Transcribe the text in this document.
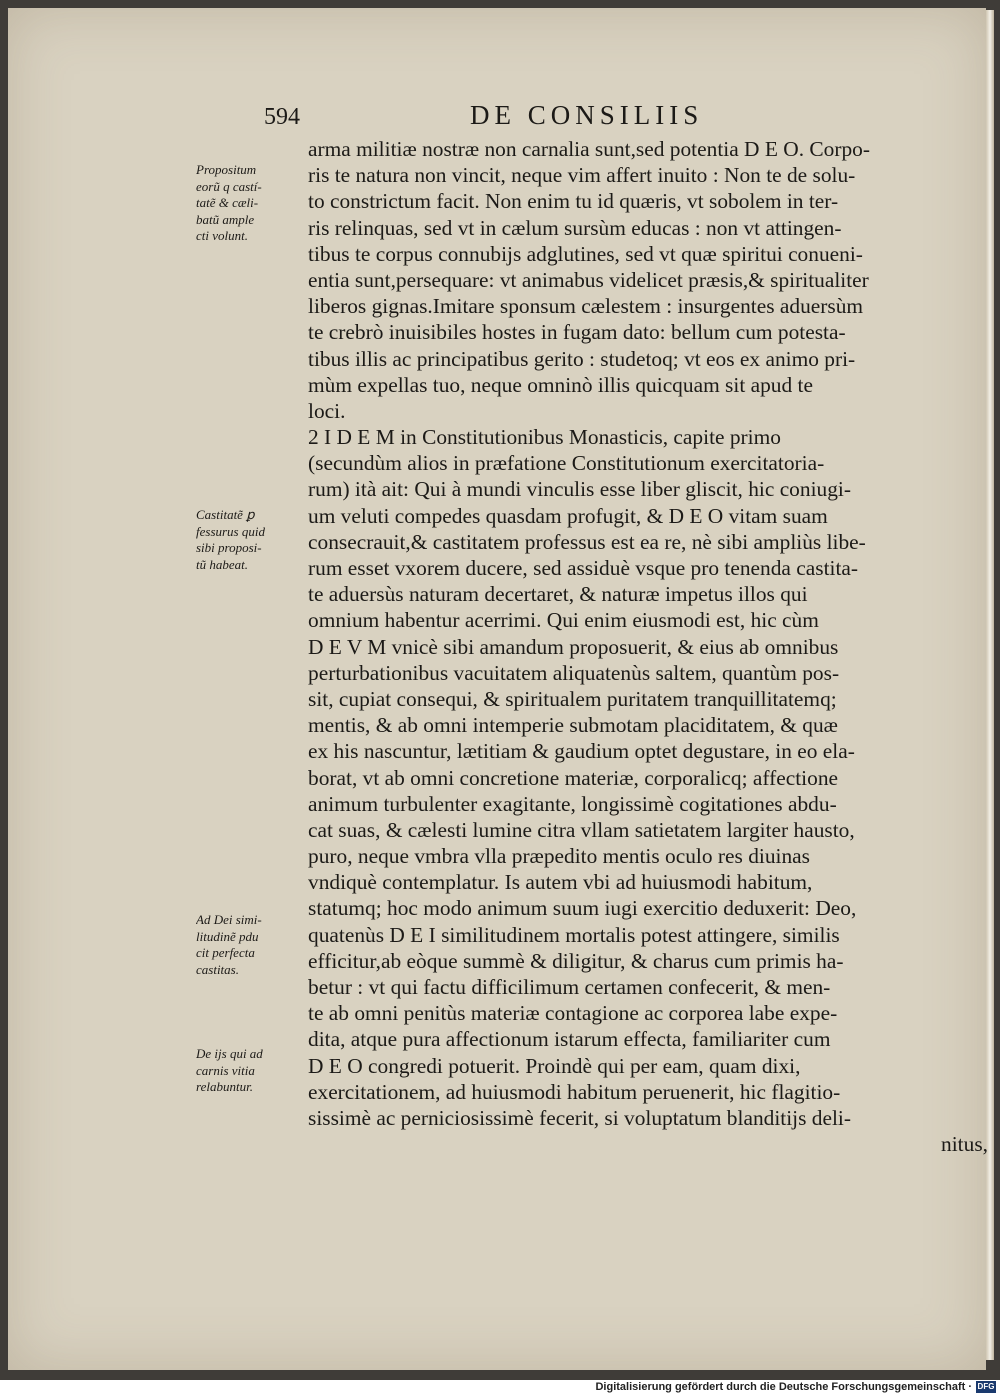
594	DE CONSILIIS
arma militiæ nostræ non carnalia sunt,sed potentia D E O. Corpo-
ris te natura non vincit, neque vim affert inuito : Non te de solu-
to constrictum facit. Non enim tu id quæris, vt sobolem in ter-
ris relinquas, sed vt in cælum sursùm educas : non vt attingen-
tibus te corpus connubijs adglutines, sed vt quæ spiritui conueni-
entia sunt,persequare: vt animabus videlicet præsis,& spiritualiter
liberos gignas.Imitare sponsum cælestem : insurgentes aduersùm
te crebrò inuisibiles hostes in fugam dato: bellum cum potesta-
tibus illis ac principatibus gerito : studetoq; vt eos ex animo pri-
mùm expellas tuo, neque omninò illis quicquam sit apud te
loci.
2 I D E M in Constitutionibus Monasticis, capite primo
(secundùm alios in præfatione Constitutionum exercitatoria-
rum) ità ait: Qui à mundi vinculis esse liber gliscit, hic coniugi-
um veluti compedes quasdam profugit, & D E O vitam suam
consecrauit,& castitatem professus est ea re, nè sibi ampliùs libe-
rum esset vxorem ducere, sed assiduè vsque pro tenenda castita-
te aduersùs naturam decertaret, & naturæ impetus illos qui
omnium habentur acerrimi. Qui enim eiusmodi est, hic cùm
D E V M vnicè sibi amandum proposuerit, & eius ab omnibus
perturbationibus vacuitatem aliquatenùs saltem, quantùm pos-
sit, cupiat consequi, & spiritualem puritatem tranquillitatemq;
mentis, & ab omni intemperie submotam placiditatem, & quæ
ex his nascuntur, lætitiam & gaudium optet degustare, in eo ela-
borat, vt ab omni concretione materiæ, corporalicq; affectione
animum turbulenter exagitante, longissimè cogitationes abdu-
cat suas, & cælesti lumine citra vllam satietatem largiter hausto,
puro, neque vmbra vlla præpedito mentis oculo res diuinas
vndiquè contemplatur. Is autem vbi ad huiusmodi habitum,
statumq; hoc modo animum suum iugi exercitio deduxerit: Deo,
quatenùs D E I similitudinem mortalis potest attingere, similis
efficitur,ab eòque summè & diligitur, & charus cum primis ha-
betur : vt qui factu difficilimum certamen confecerit, & men-
te ab omni penitùs materiæ contagione ac corporea labe expe-
dita, atque pura affectionum istarum effecta, familiariter cum
D E O congredi potuerit. Proindè qui per eam, quam dixi,
exercitationem, ad huiusmodi habitum peruenerit, hic flagitio-
sissimè ac perniciosissimè fecerit, si voluptatum blanditijs deli-
nitus,
Propositum
eorũ q castí-
tatẽ & cæli-
batũ ample
cti volunt.
Castitatẽ ꝑ
fessurus quid
sibi proposi-
tũ habeat.
Ad Dei simi-
litudinẽ pdu
cit perfecta
castitas.
De ijs qui ad
carnis vitia
relabuntur.
Digitalisierung gefördert durch die Deutsche Forschungsgemeinschaft · DFG
